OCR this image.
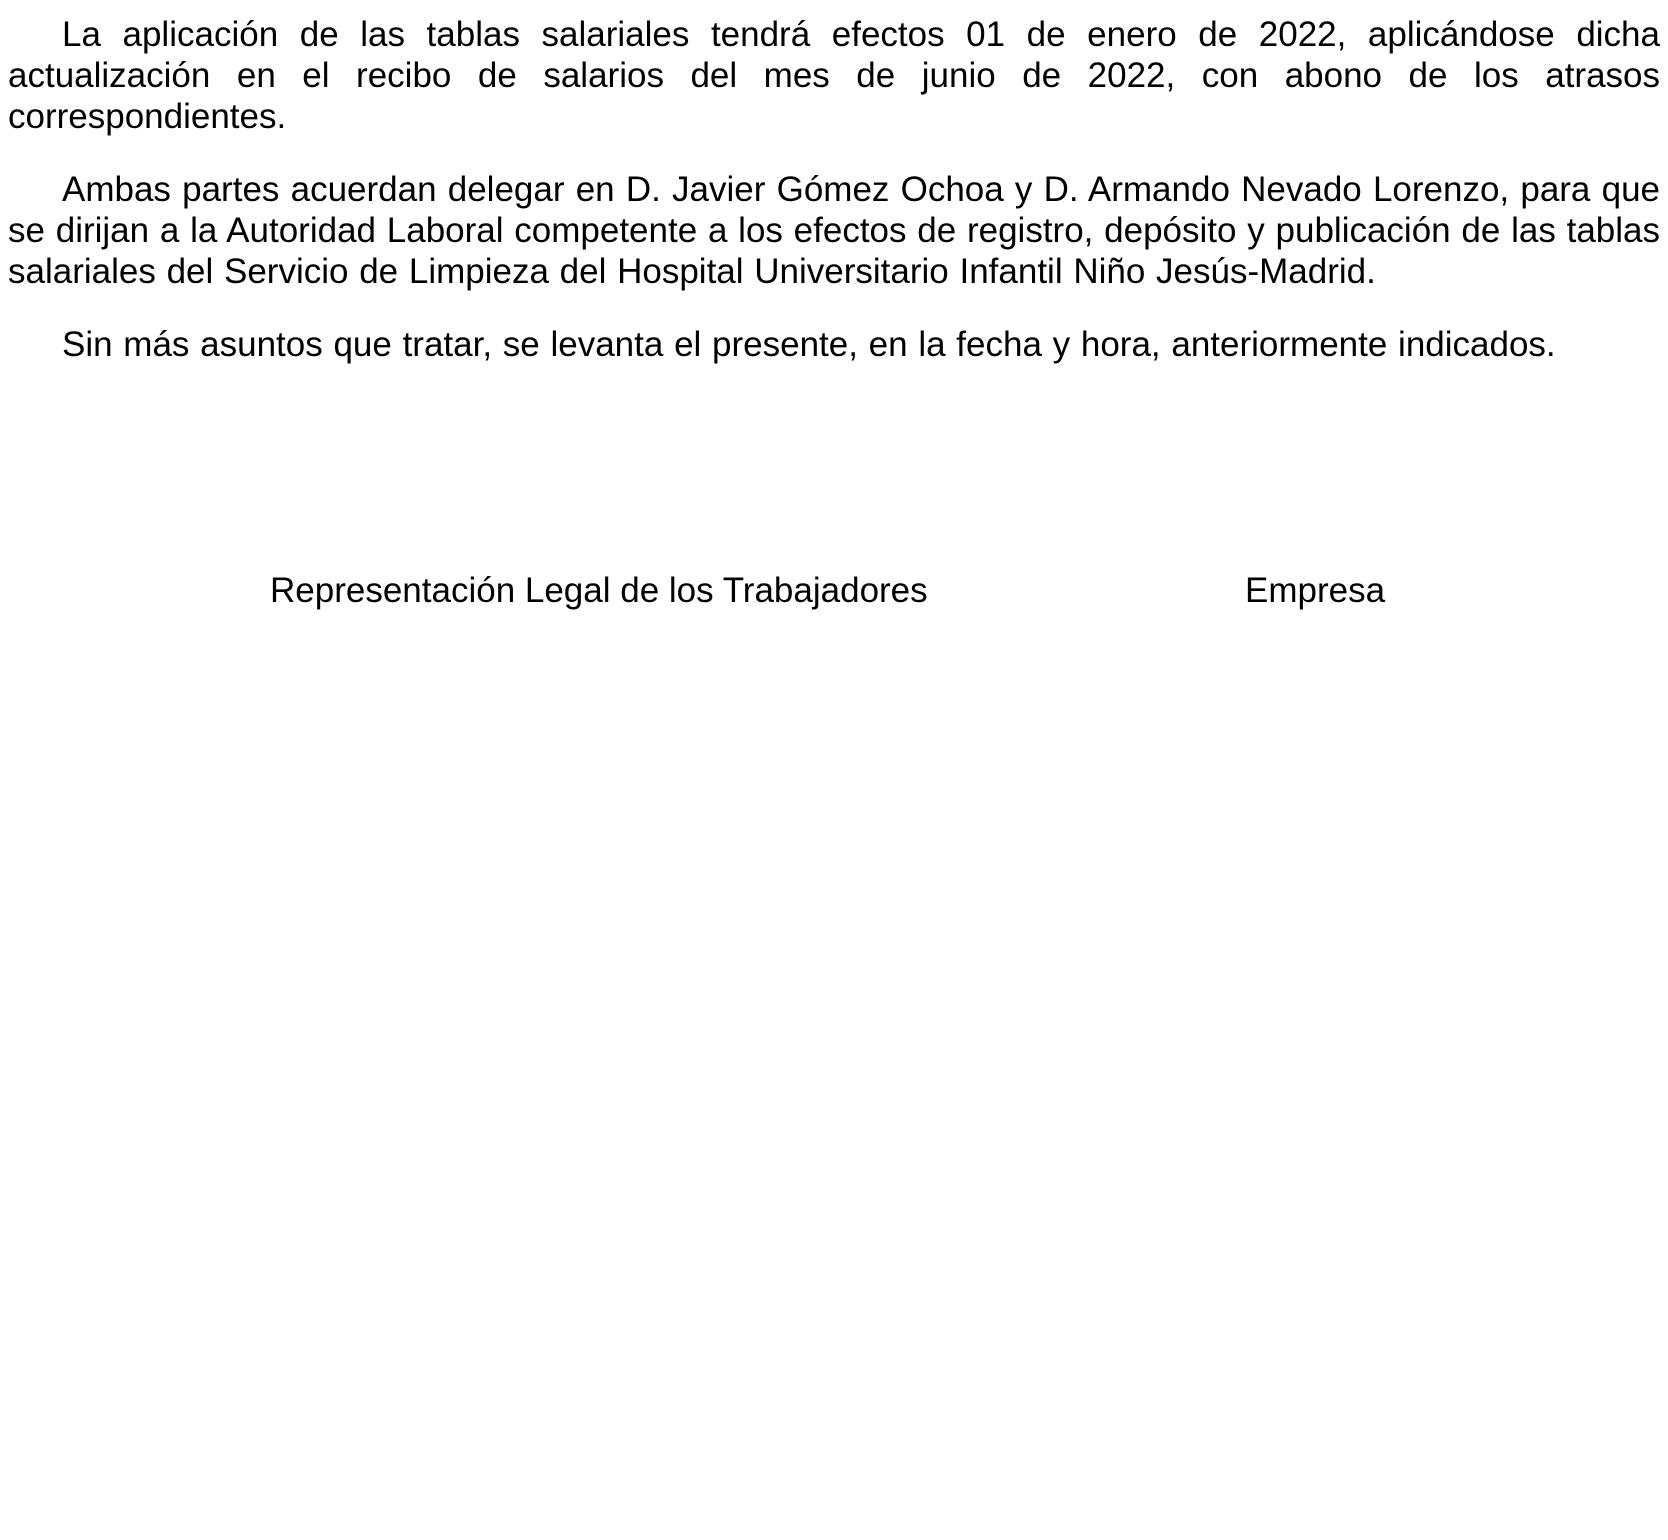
La aplicación de las tablas salariales tendrá efectos 01 de enero de 2022, aplicándose dicha actualización en el recibo de salarios del mes de junio de 2022, con abono de los atrasos correspondientes.

Ambas partes acuerdan delegar en D. Javier Gómez Ochoa y D. Armando Nevado Lorenzo, para que se dirijan a la Autoridad Laboral competente a los efectos de registro, depósito y publicación de las tablas salariales del Servicio de Limpieza del Hospital Universitario Infantil Niño Jesús-Madrid.

Sin más asuntos que tratar, se levanta el presente, en la fecha y hora, anteriormente indicados.

Representación Legal de los Trabajadores	Empresa
